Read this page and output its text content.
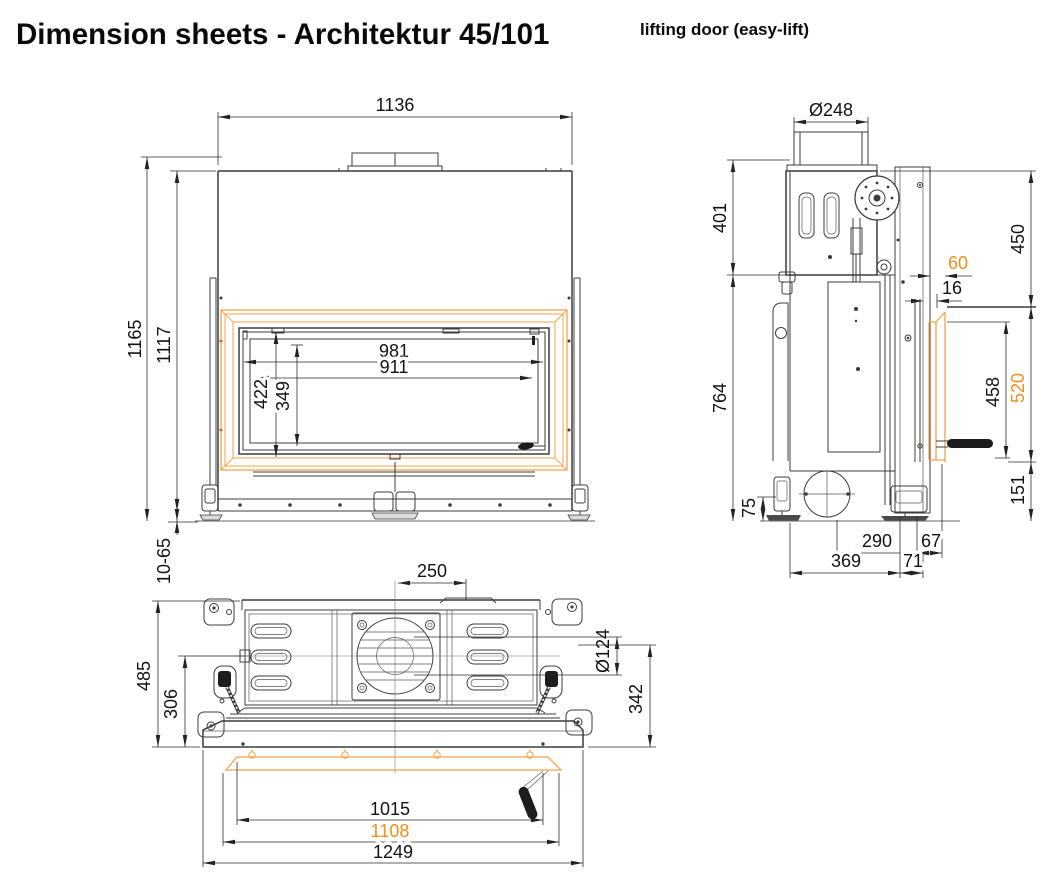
Dimension sheets - Architektur 45/101	lifting door (easy-lift)
1136
1165 1117
10-65
981
911
422 349
Ø248
401
764
75
450
520
151
458
60
16
290 67
369 71
250
485
306
Ø124
342
1015
1108
1249
